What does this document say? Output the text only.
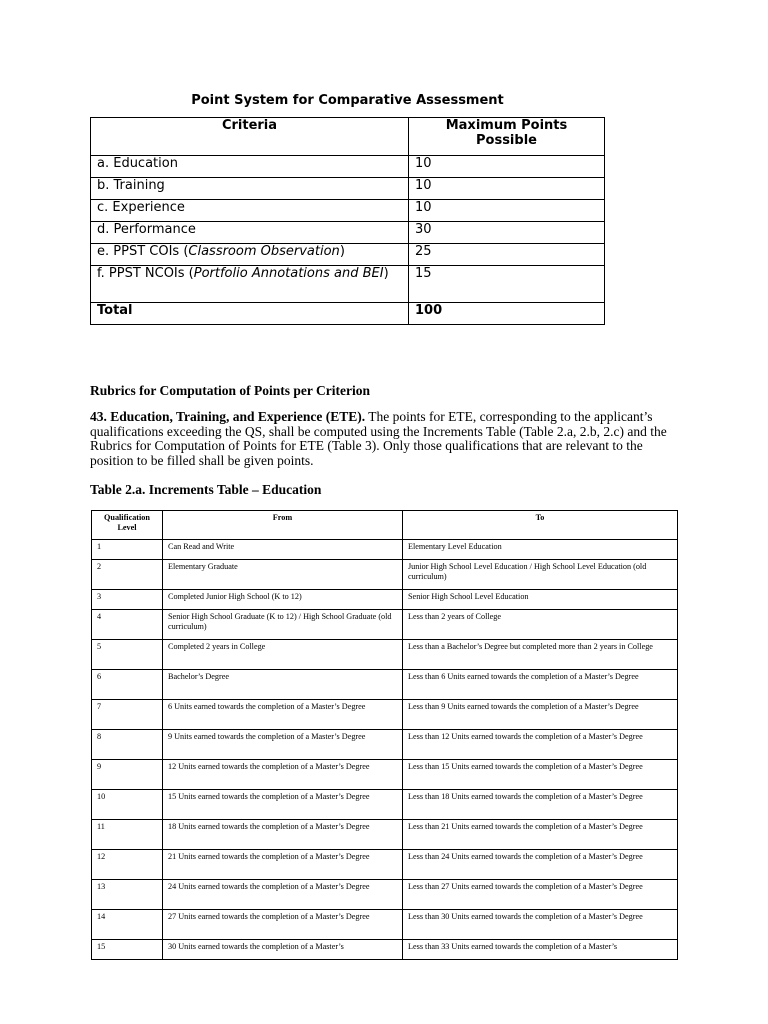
Point System for Comparative Assessment
Criteria	Maximum Points Possible
a. Education	10
b. Training	10
c. Experience	10
d. Performance	30
e. PPST COIs (Classroom Observation)	25
f. PPST NCOIs (Portfolio Annotations and BEI)	15
Total	100
Rubrics for Computation of Points per Criterion
43. Education, Training, and Experience (ETE). The points for ETE, corresponding to the applicant’s qualifications exceeding the QS, shall be computed using the Increments Table (Table 2.a, 2.b, 2.c) and the Rubrics for Computation of Points for ETE (Table 3). Only those qualifications that are relevant to the position to be filled shall be given points.
Table 2.a. Increments Table – Education
Qualification Level	From	To
1	Can Read and Write	Elementary Level Education
2	Elementary Graduate	Junior High School Level Education / High School Level Education (old curriculum)
3	Completed Junior High School (K to 12)	Senior High School Level Education
4	Senior High School Graduate (K to 12) / High School Graduate (old curriculum)	Less than 2 years of College
5	Completed 2 years in College	Less than a Bachelor’s Degree but completed more than 2 years in College
6	Bachelor’s Degree	Less than 6 Units earned towards the completion of a Master’s Degree
7	6 Units earned towards the completion of a Master’s Degree	Less than 9 Units earned towards the completion of a Master’s Degree
8	9 Units earned towards the completion of a Master’s Degree	Less than 12 Units earned towards the completion of a Master’s Degree
9	12 Units earned towards the completion of a Master’s Degree	Less than 15 Units earned towards the completion of a Master’s Degree
10	15 Units earned towards the completion of a Master’s Degree	Less than 18 Units earned towards the completion of a Master’s Degree
11	18 Units earned towards the completion of a Master’s Degree	Less than 21 Units earned towards the completion of a Master’s Degree
12	21 Units earned towards the completion of a Master’s Degree	Less than 24 Units earned towards the completion of a Master’s Degree
13	24 Units earned towards the completion of a Master’s Degree	Less than 27 Units earned towards the completion of a Master’s Degree
14	27 Units earned towards the completion of a Master’s Degree	Less than 30 Units earned towards the completion of a Master’s Degree
15	30 Units earned towards the completion of a Master’s	Less than 33 Units earned towards the completion of a Master’s
